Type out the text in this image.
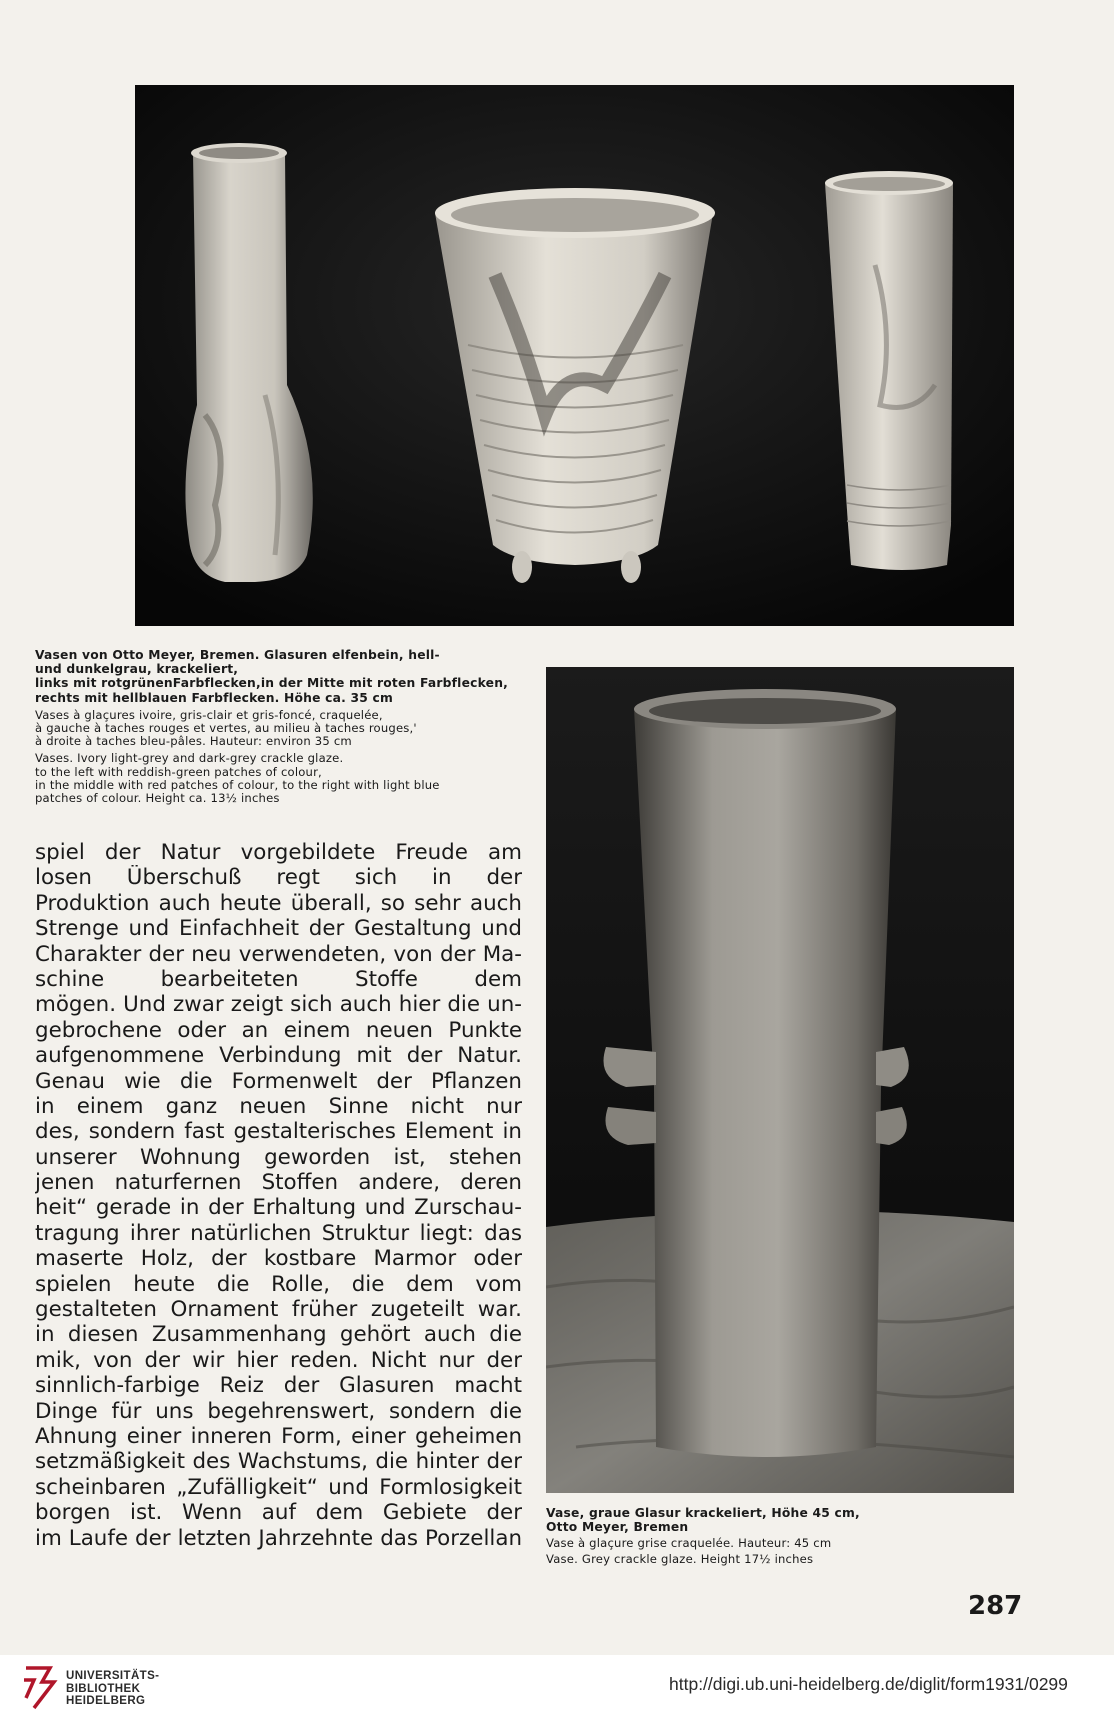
Vasen von Otto Meyer, Bremen. Glasuren elfenbein, hell-
und dunkelgrau, krackeliert,
links mit rotgrünenFarbflecken,in der Mitte mit roten Farbflecken,
rechts mit hellblauen Farbflecken. Höhe ca. 35 cm
Vases à glaçures ivoire, gris-clair et gris-foncé, craquelée,
à gauche à taches rouges et vertes, au milieu à taches rouges,'
à droite à taches bleu-pâles. Hauteur: environ 35 cm
Vases. Ivory light-grey and dark-grey crackle glaze.
to the left with reddish-green patches of colour,
in the middle with red patches of colour, to the right with light blue
patches of colour. Height ca. 13½ inches
Vase, graue Glasur krackeliert, Höhe 45 cm,
Otto Meyer, Bremen
Vase à glaçure grise craquelée. Hauteur: 45 cm
Vase. Grey crackle glaze. Height 17½ inches
spiel der Natur vorgebildete Freude am
losen Überschuß regt sich in der
Produktion auch heute überall, so sehr auch
Strenge und Einfachheit der Gestaltung und
Charakter der neu verwendeten, von der Ma-
schine bearbeiteten Stoffe dem
mögen. Und zwar zeigt sich auch hier die un-
gebrochene oder an einem neuen Punkte
aufgenommene Verbindung mit der Natur.
Genau wie die Formenwelt der Pflanzen
in einem ganz neuen Sinne nicht nur
des, sondern fast gestalterisches Element in
unserer Wohnung geworden ist, stehen
jenen naturfernen Stoffen andere, deren
heit“ gerade in der Erhaltung und Zurschau-
tragung ihrer natürlichen Struktur liegt: das
maserte Holz, der kostbare Marmor oder
spielen heute die Rolle, die dem vom
gestalteten Ornament früher zugeteilt war.
in diesen Zusammenhang gehört auch die
mik, von der wir hier reden. Nicht nur der
sinnlich-farbige Reiz der Glasuren macht
Dinge für uns begehrenswert, sondern die
Ahnung einer inneren Form, einer geheimen
setzmäßigkeit des Wachstums, die hinter der
scheinbaren „Zufälligkeit“ und Formlosigkeit
borgen ist. Wenn auf dem Gebiete der
im Laufe der letzten Jahrzehnte das Porzellan
287
UNIVERSITÄTS-
BIBLIOTHEK
HEIDELBERG
http://digi.ub.uni-heidelberg.de/diglit/form1931/0299
